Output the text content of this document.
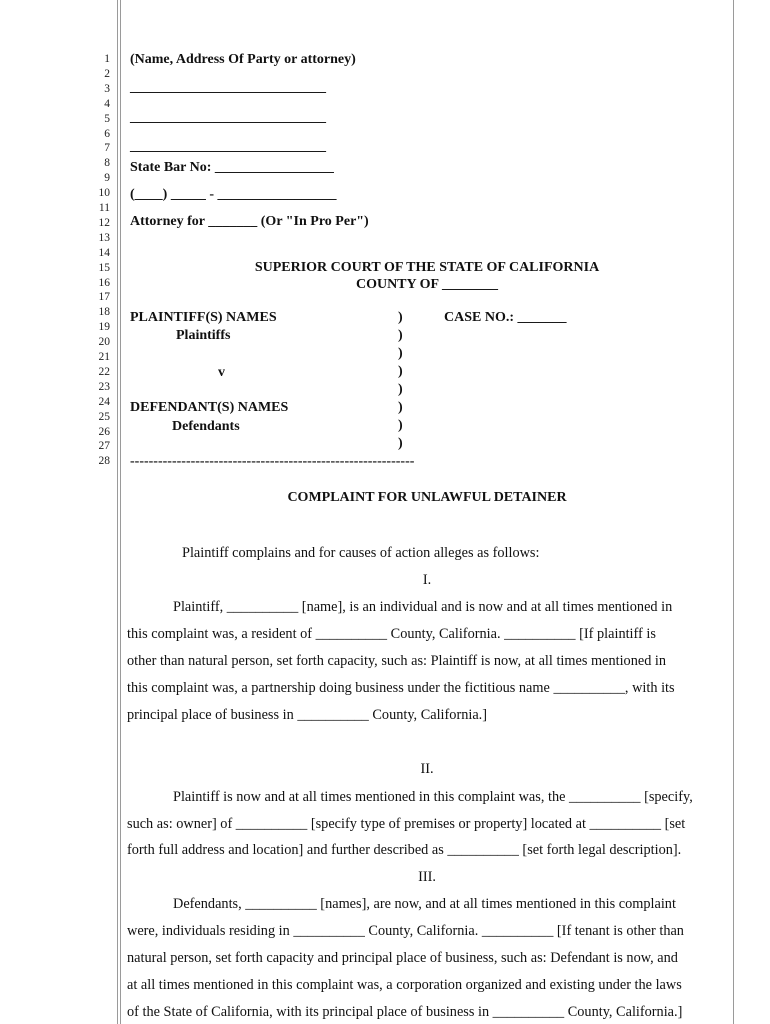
1
2
3
4
5
6
7
8
9
10
11
12
13
14
15
16
17
18
19
20
21
22
23
24
25
26
27
28
(Name, Address Of Party or attorney)
____________________________
____________________________
____________________________
State Bar No: _________________
(____) _____ - _________________
Attorney for _______ (Or "In Pro Per")
SUPERIOR COURT OF THE STATE OF CALIFORNIA
COUNTY OF ________
PLAINTIFF(S) NAMES
Plaintiffs
v
DEFENDANT(S) NAMES
Defendants
)
)
)
)
)
)
)
)
CASE NO.: _______
-------------------------------------------------------------
COMPLAINT FOR UNLAWFUL DETAINER
Plaintiff complains and for causes of action alleges as follows:
I.
Plaintiff, __________ [name], is an individual and is now and at all times mentioned in
this complaint was, a resident of __________ County, California. __________ [If plaintiff is
other than natural person, set forth capacity, such as: Plaintiff is now, at all times mentioned in
this complaint was, a partnership doing business under the fictitious name __________, with its
principal place of business in __________ County, California.]
II.
Plaintiff is now and at all times mentioned in this complaint was, the __________ [specify,
such as: owner] of __________ [specify type of premises or property] located at __________ [set
forth full address and location] and further described as __________ [set forth legal description].
III.
Defendants, __________ [names], are now, and at all times mentioned in this complaint
were, individuals residing in __________ County, California. __________ [If tenant is other than
natural person, set forth capacity and principal place of business, such as: Defendant is now, and
at all times mentioned in this complaint was, a corporation organized and existing under the laws
of the State of California, with its principal place of business in __________ County, California.]
